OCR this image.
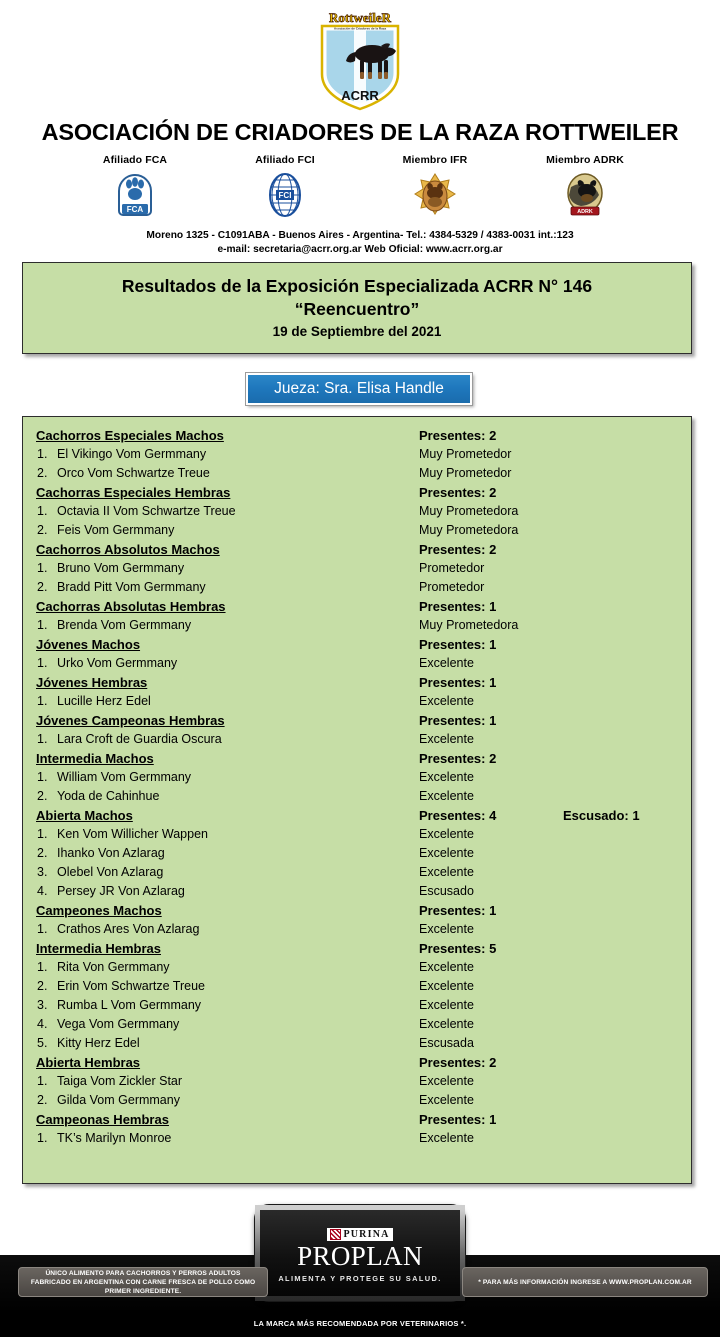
RottweileR
Asociación de Criadores de la Raza
ACRR
ASOCIACIÓN DE CRIADORES DE LA RAZA ROTTWEILER
Afiliado FCA
FCA
Afiliado FCI
FCI
Miembro IFR	Miembro ADRK
ADRK
Moreno 1325 - C1091ABA - Buenos Aires - Argentina- Tel.: 4384-5329 / 4383-0031 int.:123
e-mail: secretaria@acrr.org.ar Web Oficial: www.acrr.org.ar
Resultados de la Exposición Especializada ACRR N° 146
“Reencuentro”
19 de Septiembre del 2021
Jueza: Sra. Elisa Handle
Cachorros Especiales Machos	Presentes: 2
1. El Vikingo Vom Germmany	Muy Prometedor
2. Orco Vom Schwartze Treue	Muy Prometedor
Cachorras Especiales Hembras	Presentes: 2
1. Octavia II Vom Schwartze Treue	Muy Prometedora
2. Feis Vom Germmany	Muy Prometedora
Cachorros Absolutos Machos	Presentes: 2
1. Bruno Vom Germmany	Prometedor
2. Bradd Pitt Vom Germmany	Prometedor
Cachorras Absolutas Hembras	Presentes: 1
1. Brenda Vom Germmany	Muy Prometedora
Jóvenes Machos	Presentes: 1
1. Urko Vom Germmany	Excelente
Jóvenes Hembras	Presentes: 1
1. Lucille Herz Edel	Excelente
Jóvenes Campeonas Hembras	Presentes: 1
1. Lara Croft de Guardia Oscura	Excelente
Intermedia Machos	Presentes: 2
1. William Vom Germmany	Excelente
2. Yoda de Cahinhue	Excelente
Abierta Machos	Presentes: 4	Escusado: 1
1. Ken Vom Willicher Wappen	Excelente
2. Ihanko Von Azlarag	Excelente
3. Olebel Von Azlarag	Excelente
4. Persey JR Von Azlarag	Escusado
Campeones Machos	Presentes: 1
1. Crathos Ares Von Azlarag	Excelente
Intermedia Hembras	Presentes: 5
1. Rita Von Germmany	Excelente
2. Erin Vom Schwartze Treue	Excelente
3. Rumba L Vom Germmany	Excelente
4. Vega Vom Germmany	Excelente
5. Kitty Herz Edel	Escusada
Abierta Hembras	Presentes: 2
1. Taiga Vom Zickler Star	Excelente
2. Gilda Vom Germmany	Excelente
Campeonas Hembras	Presentes: 1
1. TK’s Marilyn Monroe	Excelente
PURINA
PROPLAN
ALIMENTA Y PROTEGE SU SALUD.
ÚNICO ALIMENTO PARA CACHORROS Y PERROS ADULTOS FABRICADO EN ARGENTINA CON CARNE FRESCA DE POLLO COMO PRIMER INGREDIENTE.
* PARA MÁS INFORMACIÓN INGRESE A WWW.PROPLAN.COM.AR
LA MARCA MÁS RECOMENDADA POR VETERINARIOS *.
